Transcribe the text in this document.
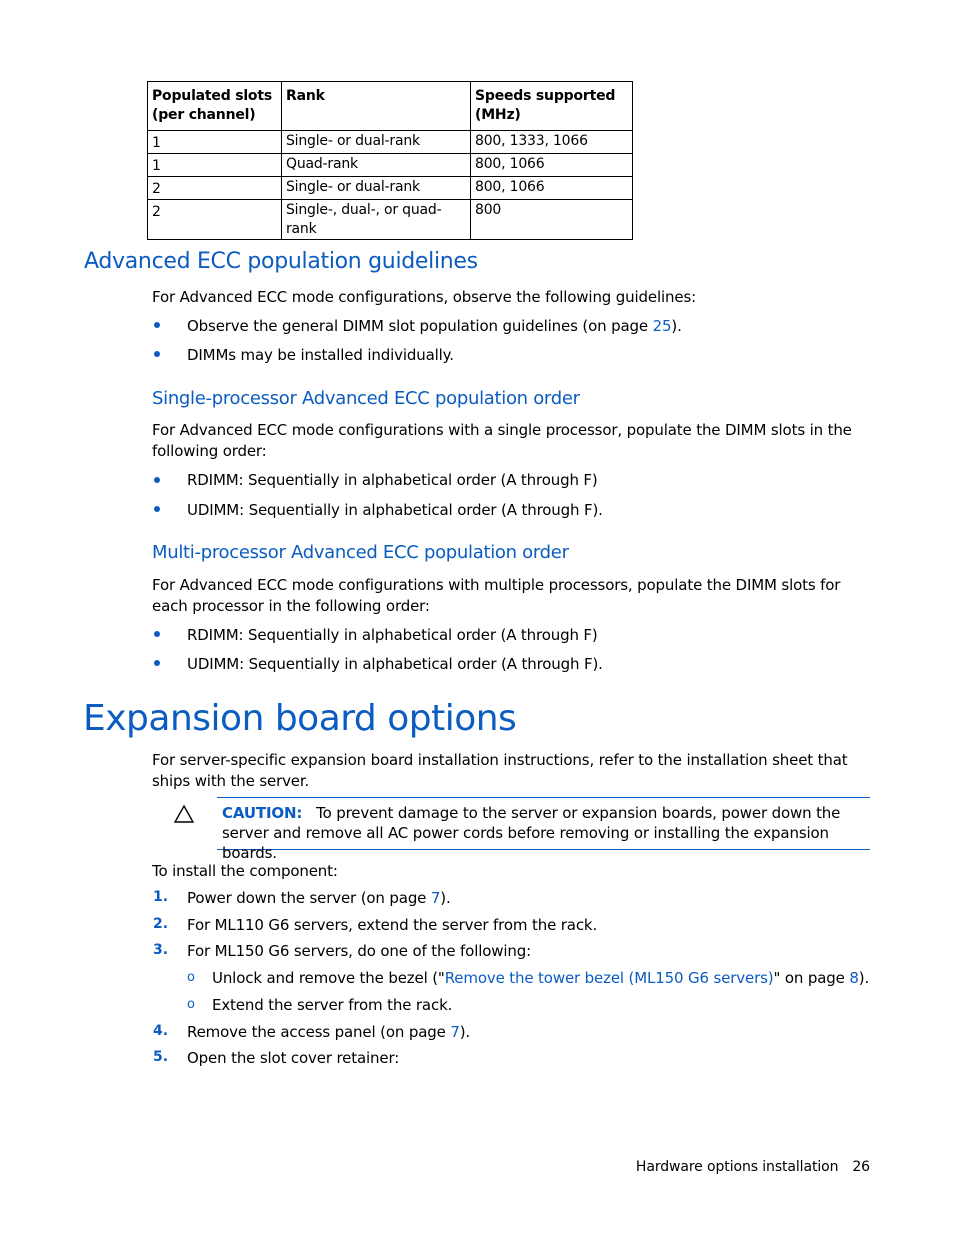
Populated slots (per channel)	Rank	Speeds supported (MHz)
1	Single- or dual-rank	800, 1333, 1066
1	Quad-rank	800, 1066
2	Single- or dual-rank	800, 1066
2	Single-, dual-, or quad-rank	800
Advanced ECC population guidelines

For Advanced ECC mode configurations, observe the following guidelines:

Observe the general DIMM slot population guidelines (on page 25).

DIMMs may be installed individually.

Single-processor Advanced ECC population order

For Advanced ECC mode configurations with a single processor, populate the DIMM slots in the following order:

RDIMM: Sequentially in alphabetical order (A through F)

UDIMM: Sequentially in alphabetical order (A through F).

Multi-processor Advanced ECC population order

For Advanced ECC mode configurations with multiple processors, populate the DIMM slots for each processor in the following order:

RDIMM: Sequentially in alphabetical order (A through F)

UDIMM: Sequentially in alphabetical order (A through F).

Expansion board options

For server-specific expansion board installation instructions, refer to the installation sheet that ships with the server.

CAUTION: To prevent damage to the server or expansion boards, power down the server and remove all AC power cords before removing or installing the expansion boards.

To install the component:

1. Power down the server (on page 7).

2. For ML110 G6 servers, extend the server from the rack.

3. For ML150 G6 servers, do one of the following:

o Unlock and remove the bezel ("Remove the tower bezel (ML150 G6 servers)" on page 8).

o Extend the server from the rack.

4. Remove the access panel (on page 7).

5. Open the slot cover retainer:

Hardware options installation 26
